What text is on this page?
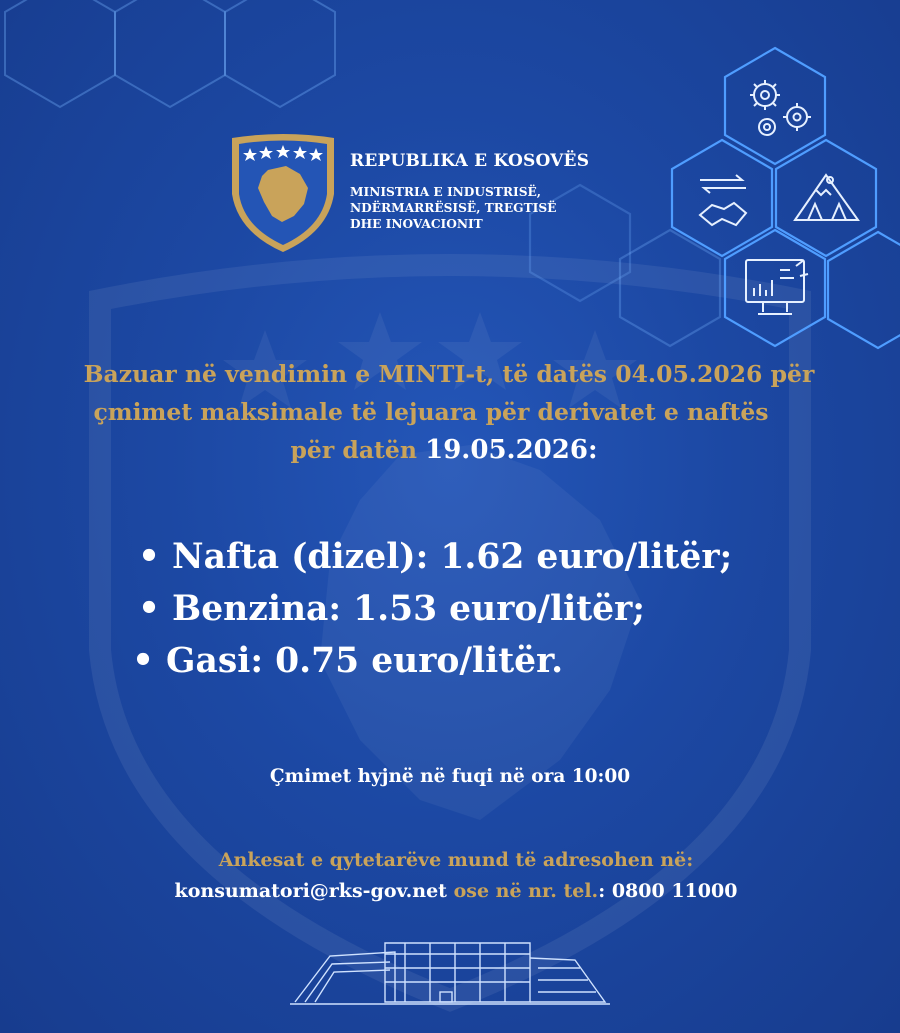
REPUBLIKA E KOSOVËS
MINISTRIA E INDUSTRISË,
NDËRMARRËSISË, TREGTISË
DHE INOVACIONIT
Bazuar në vendimin e MINTI-t, të datës 04.05.2026 për
çmimet maksimale të lejuara për derivatet e naftës
për datën 19.05.2026:
• Nafta (dizel): 1.62 euro/litër;
• Benzina: 1.53 euro/litër;
• Gasi: 0.75 euro/litër.
Çmimet hyjnë në fuqi në ora 10:00
Ankesat e qytetarëve mund të adresohen në:
konsumatori@rks-gov.net ose në nr. tel.: 0800 11000
